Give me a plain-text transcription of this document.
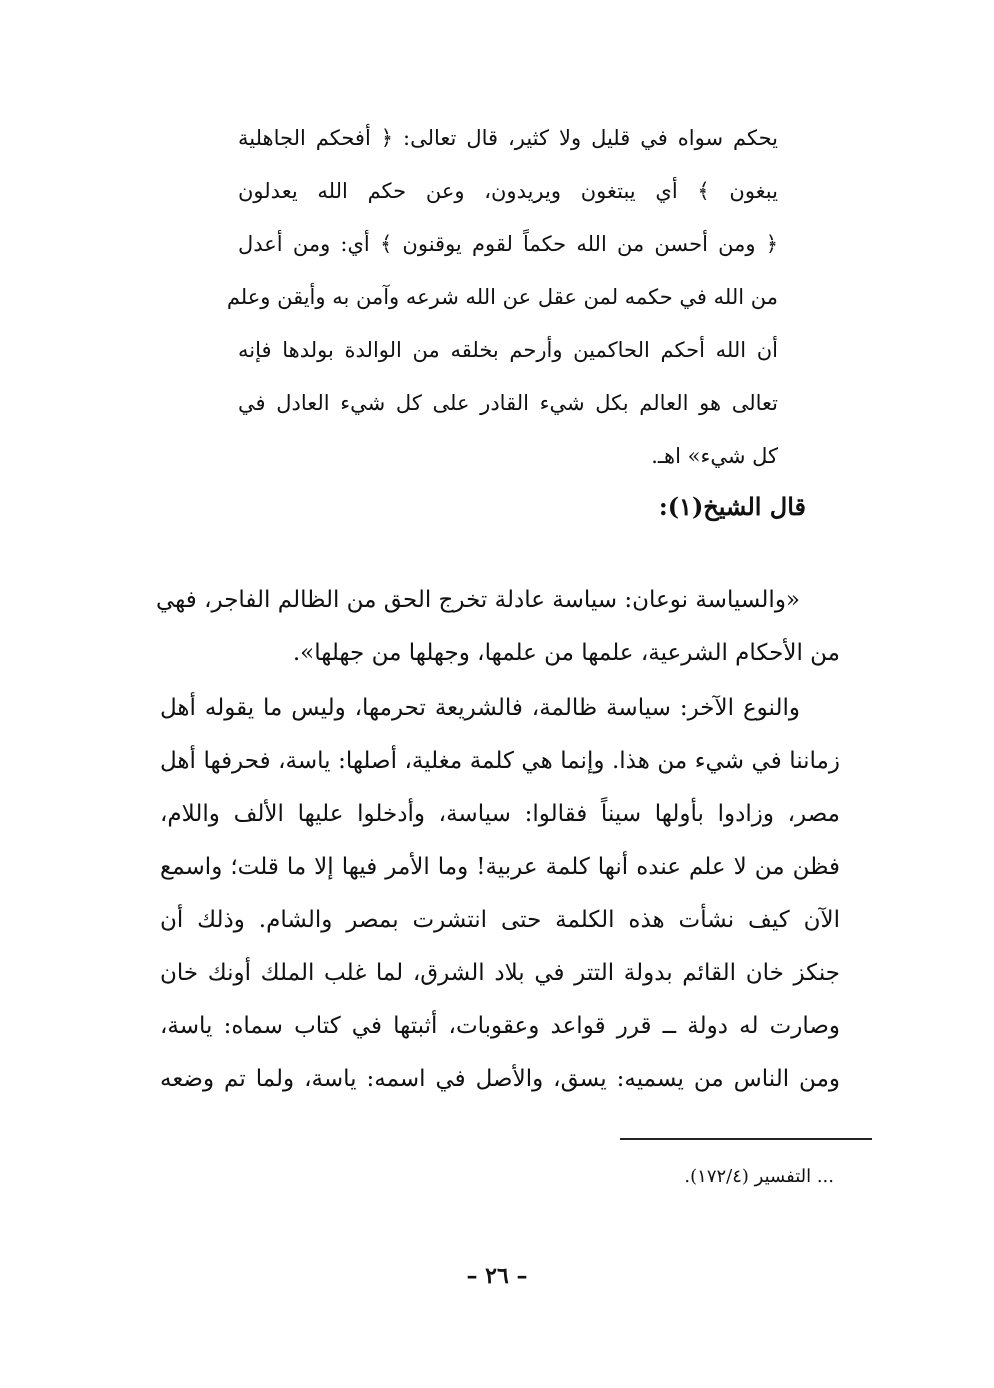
يحكم سواه في قليل ولا كثير، قال تعالى: ﴿ أفحكم الجاهلية
يبغون ﴾ أي يبتغون ويريدون، وعن حكم الله يعدلون
﴿ ومن أحسن من الله حكماً لقوم يوقنون ﴾ أي: ومن أعدل
من الله في حكمه لمن عقل عن الله شرعه وآمن به وأيقن وعلم
أن الله أحكم الحاكمين وأرحم بخلقه من الوالدة بولدها فإنه
تعالى هو العالم بكل شيء القادر على كل شيء العادل في
كل شيء» اهـ.
قال الشيخ(١):
«والسياسة نوعان: سياسة عادلة تخرج الحق من الظالم الفاجر، فهي
من الأحكام الشرعية، علمها من علمها، وجهلها من جهلها».
والنوع الآخر: سياسة ظالمة، فالشريعة تحرمها، وليس ما يقوله أهل
زماننا في شيء من هذا. وإنما هي كلمة مغلية، أصلها: ياسة، فحرفها أهل
مصر، وزادوا بأولها سيناً فقالوا: سياسة، وأدخلوا عليها الألف واللام،
فظن من لا علم عنده أنها كلمة عربية! وما الأمر فيها إلا ما قلت؛ واسمع
الآن كيف نشأت هذه الكلمة حتى انتشرت بمصر والشام. وذلك أن
جنكز خان القائم بدولة التتر في بلاد الشرق، لما غلب الملك أونك خان
وصارت له دولة ــ قرر قواعد وعقوبات، أثبتها في كتاب سماه: ياسة،
ومن الناس من يسميه: يسق، والأصل في اسمه: ياسة، ولما تم وضعه
... التفسير (١٧٢/٤).
– ٢٦ –
